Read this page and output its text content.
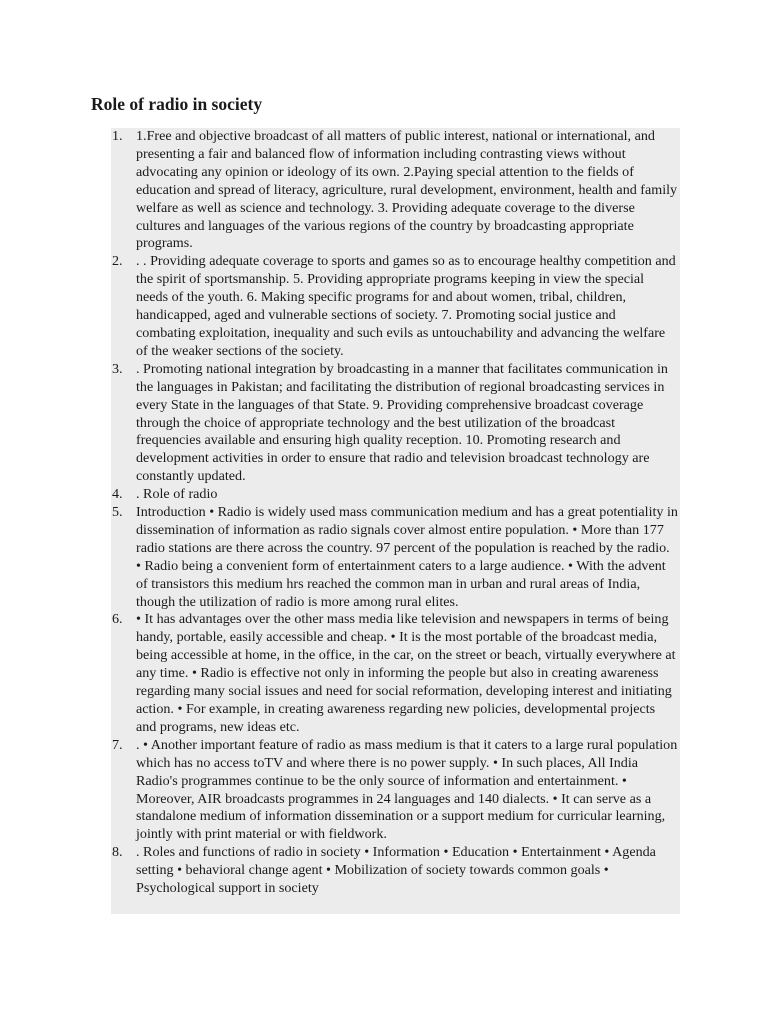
Role of radio in society
1. 1.Free and objective broadcast of all matters of public interest, national or international, and presenting a fair and balanced flow of information including contrasting views without advocating any opinion or ideology of its own. 2.Paying special attention to the fields of education and spread of literacy, agriculture, rural development, environment, health and family welfare as well as science and technology. 3. Providing adequate coverage to the diverse cultures and languages of the various regions of the country by broadcasting appropriate programs.
2. . . Providing adequate coverage to sports and games so as to encourage healthy competition and the spirit of sportsmanship. 5. Providing appropriate programs keeping in view the special needs of the youth. 6. Making specific programs for and about women, tribal, children, handicapped, aged and vulnerable sections of society. 7. Promoting social justice and combating exploitation, inequality and such evils as untouchability and advancing the welfare of the weaker sections of the society.
3. . Promoting national integration by broadcasting in a manner that facilitates communication in the languages in Pakistan; and facilitating the distribution of regional broadcasting services in every State in the languages of that State. 9. Providing comprehensive broadcast coverage through the choice of appropriate technology and the best utilization of the broadcast frequencies available and ensuring high quality reception. 10. Promoting research and development activities in order to ensure that radio and television broadcast technology are constantly updated.
4. . Role of radio
5. Introduction • Radio is widely used mass communication medium and has a great potentiality in dissemination of information as radio signals cover almost entire population. • More than 177 radio stations are there across the country. 97 percent of the population is reached by the radio. • Radio being a convenient form of entertainment caters to a large audience. • With the advent of transistors this medium hrs reached the common man in urban and rural areas of India, though the utilization of radio is more among rural elites.
6. • It has advantages over the other mass media like television and newspapers in terms of being handy, portable, easily accessible and cheap. • It is the most portable of the broadcast media, being accessible at home, in the office, in the car, on the street or beach, virtually everywhere at any time. • Radio is effective not only in informing the people but also in creating awareness regarding many social issues and need for social reformation, developing interest and initiating action. • For example, in creating awareness regarding new policies, developmental projects and programs, new ideas etc.
7. . • Another important feature of radio as mass medium is that it caters to a large rural population which has no access toTV and where there is no power supply. • In such places, All India Radio's programmes continue to be the only source of information and entertainment. • Moreover, AIR broadcasts programmes in 24 languages and 140 dialects. • It can serve as a standalone medium of information dissemination or a support medium for curricular learning, jointly with print material or with fieldwork.
8. . Roles and functions of radio in society • Information • Education • Entertainment • Agenda setting • behavioral change agent • Mobilization of society towards common goals • Psychological support in society
